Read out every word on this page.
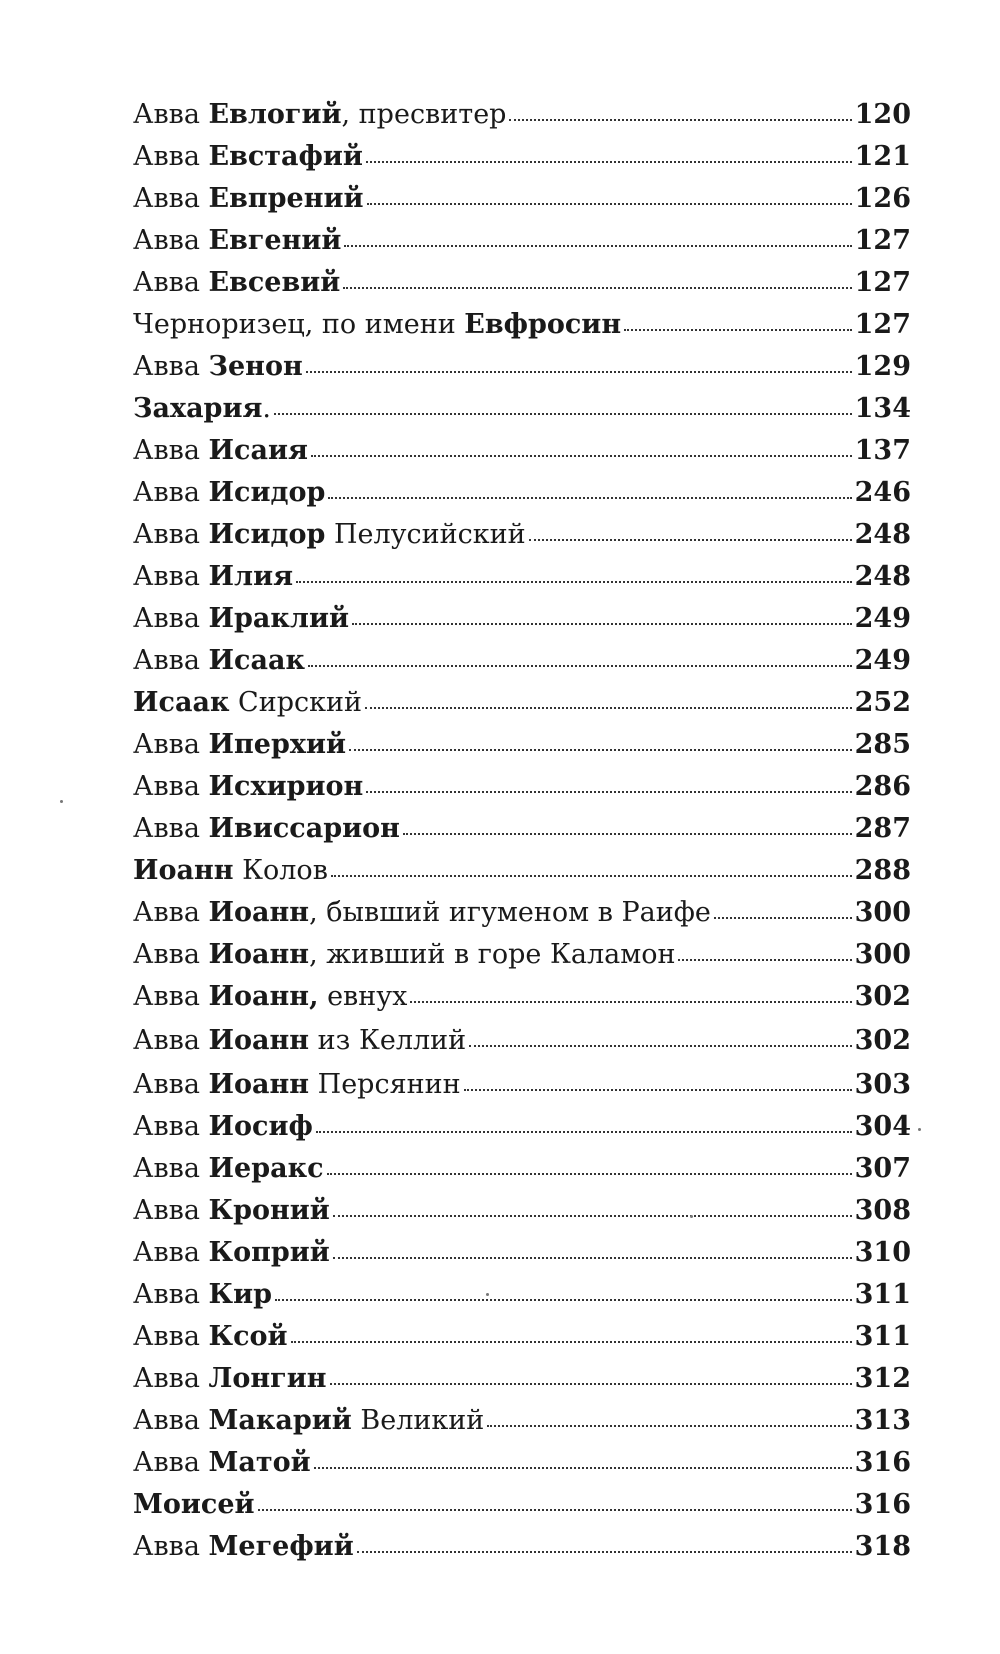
Авва Евлогий, пресвитер	120
Авва Евстафий	121
Авва Евпрений	126
Авва Евгений	127
Авва Евсевий	127
Черноризец, по имени Евфросин	127
Авва Зенон	129
Захария.	134
Авва Исаия	137
Авва Исидор	246
Авва Исидор Пелусийский	248
Авва Илия	248
Авва Ираклий	249
Авва Исаак	249
Исаак Сирский	252
Авва Иперхий	285
Авва Исхирион	286
Авва Ивиссарион	287
Иоанн Колов	288
Авва Иоанн, бывший игуменом в Раифе	300
Авва Иоанн, живший в горе Каламон	300
Авва Иоанн, евнух	302
Авва Иоанн из Келлий	302
Авва Иоанн Персянин	303
Авва Иосиф	304
Авва Иеракс	307
Авва Кроний	308
Авва Коприй	310
Авва Кир	311
Авва Ксой	311
Авва Лонгин	312
Авва Макарий Великий	313
Авва Матой	316
Моисей	316
Авва Мегефий	318
